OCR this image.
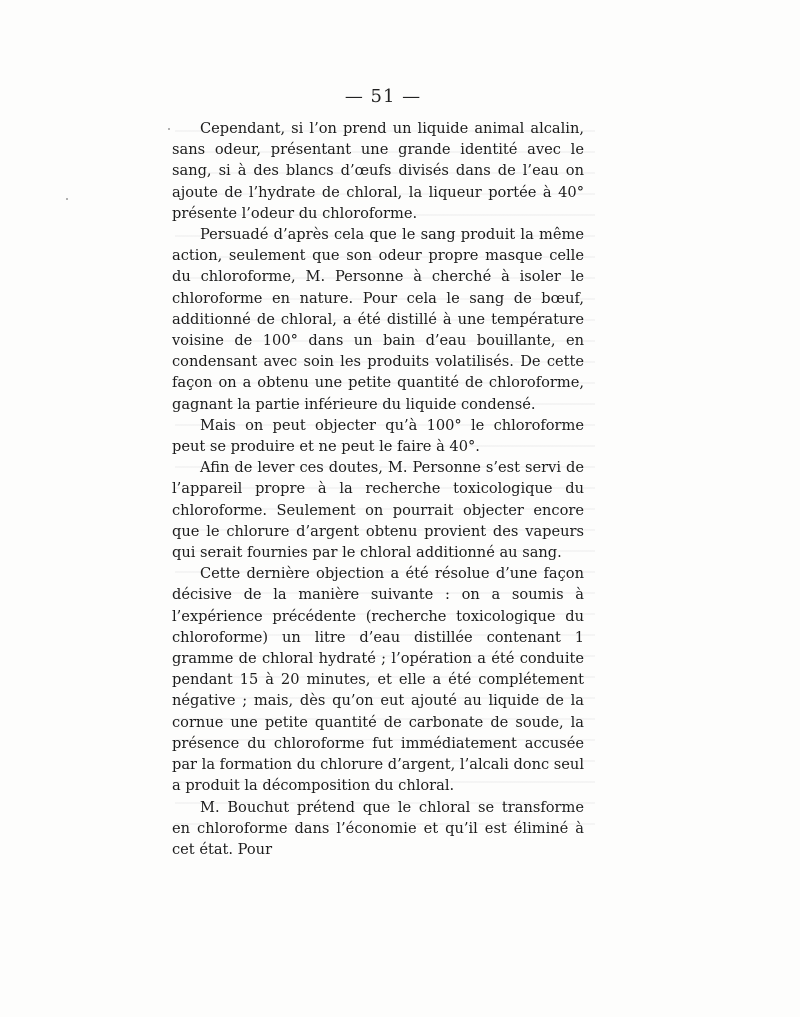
— 51 —

Cependant, si l’on prend un liquide animal alcalin, sans odeur, présentant une grande identité avec le sang, si à des blancs d’œufs divisés dans de l’eau on ajoute de l’hydrate de chloral, la liqueur portée à 40° présente l’odeur du chloroforme.

Persuadé d’après cela que le sang produit la même action, seulement que son odeur propre masque celle du chloroforme, M. Personne à cherché à isoler le chloroforme en nature. Pour cela le sang de bœuf, additionné de chloral, a été distillé à une température voisine de 100° dans un bain d’eau bouillante, en condensant avec soin les produits volatilisés. De cette façon on a obtenu une petite quantité de chloroforme, gagnant la partie inférieure du liquide condensé.

Mais on peut objecter qu’à 100° le chloroforme peut se produire et ne peut le faire à 40°.

Afin de lever ces doutes, M. Personne s’est servi de l’appareil propre à la recherche toxicologique du chloroforme. Seulement on pourrait objecter encore que le chlorure d’argent obtenu provient des vapeurs qui serait fournies par le chloral additionné au sang.

Cette dernière objection a été résolue d’une façon décisive de la manière suivante : on a soumis à l’expérience précédente (recherche toxicologique du chloroforme) un litre d’eau distillée contenant 1 gramme de chloral hydraté ; l’opération a été conduite pendant 15 à 20 minutes, et elle a été complétement négative ; mais, dès qu’on eut ajouté au liquide de la cornue une petite quantité de carbonate de soude, la présence du chloroforme fut immédiatement accusée par la formation du chlorure d’argent, l’alcali donc seul a produit la décomposition du chloral.

M. Bouchut prétend que le chloral se transforme en chloroforme dans l’économie et qu’il est éliminé à cet état. Pour
